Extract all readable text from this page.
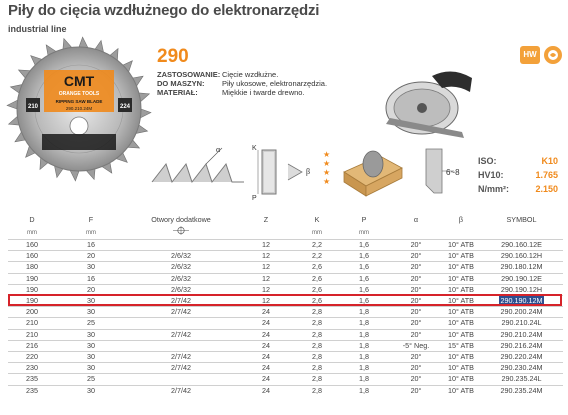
Piły do cięcia wzdłużnego do elektronarzędzi
industrial line
CMT
ORANGE TOOLS
RIPPING SAW BLADE
290.210.24M
210	224
290
ZASTOSOWANIE: Cięcie wzdłużne.
DO MASZYN: Piły ukosowe, elektronarzędzia.
MATERIAŁ:	Miękkie i twarde drewno.
HW
α	K
P
β
★★★★
6~8
ISO:	K10
HV10:	1.765
N/mm²:	2.150
D	F	Otwory dodatkowe	Z	K	P	α	β	SYMBOL
mm	mm			mm	mm			
160	16		12	2,2	1,6	20°	10° ATB	290.160.12E
160	20	2/6/32	12	2,2	1,6	20°	10° ATB	290.160.12H
180	30	2/6/32	12	2,6	1,6	20°	10° ATB	290.180.12M
190	16	2/6/32	12	2,6	1,6	20°	10° ATB	290.190.12E
190	20	2/6/32	12	2,6	1,6	20°	10° ATB	290.190.12H
190	30	2/7/42	12	2,6	1,6	20°	10° ATB	290.190.12M
200	30	2/7/42	24	2,8	1,8	20°	10° ATB	290.200.24M
210	25		24	2,8	1,8	20°	10° ATB	290.210.24L
210	30	2/7/42	24	2,8	1,8	20°	10° ATB	290.210.24M
216	30		24	2,8	1,8	-5° Neg.	15° ATB	290.216.24M
220	30	2/7/42	24	2,8	1,8	20°	10° ATB	290.220.24M
230	30	2/7/42	24	2,8	1,8	20°	10° ATB	290.230.24M
235	25		24	2,8	1,8	20°	10° ATB	290.235.24L
235	30	2/7/42	24	2,8	1,8	20°	10° ATB	290.235.24M
